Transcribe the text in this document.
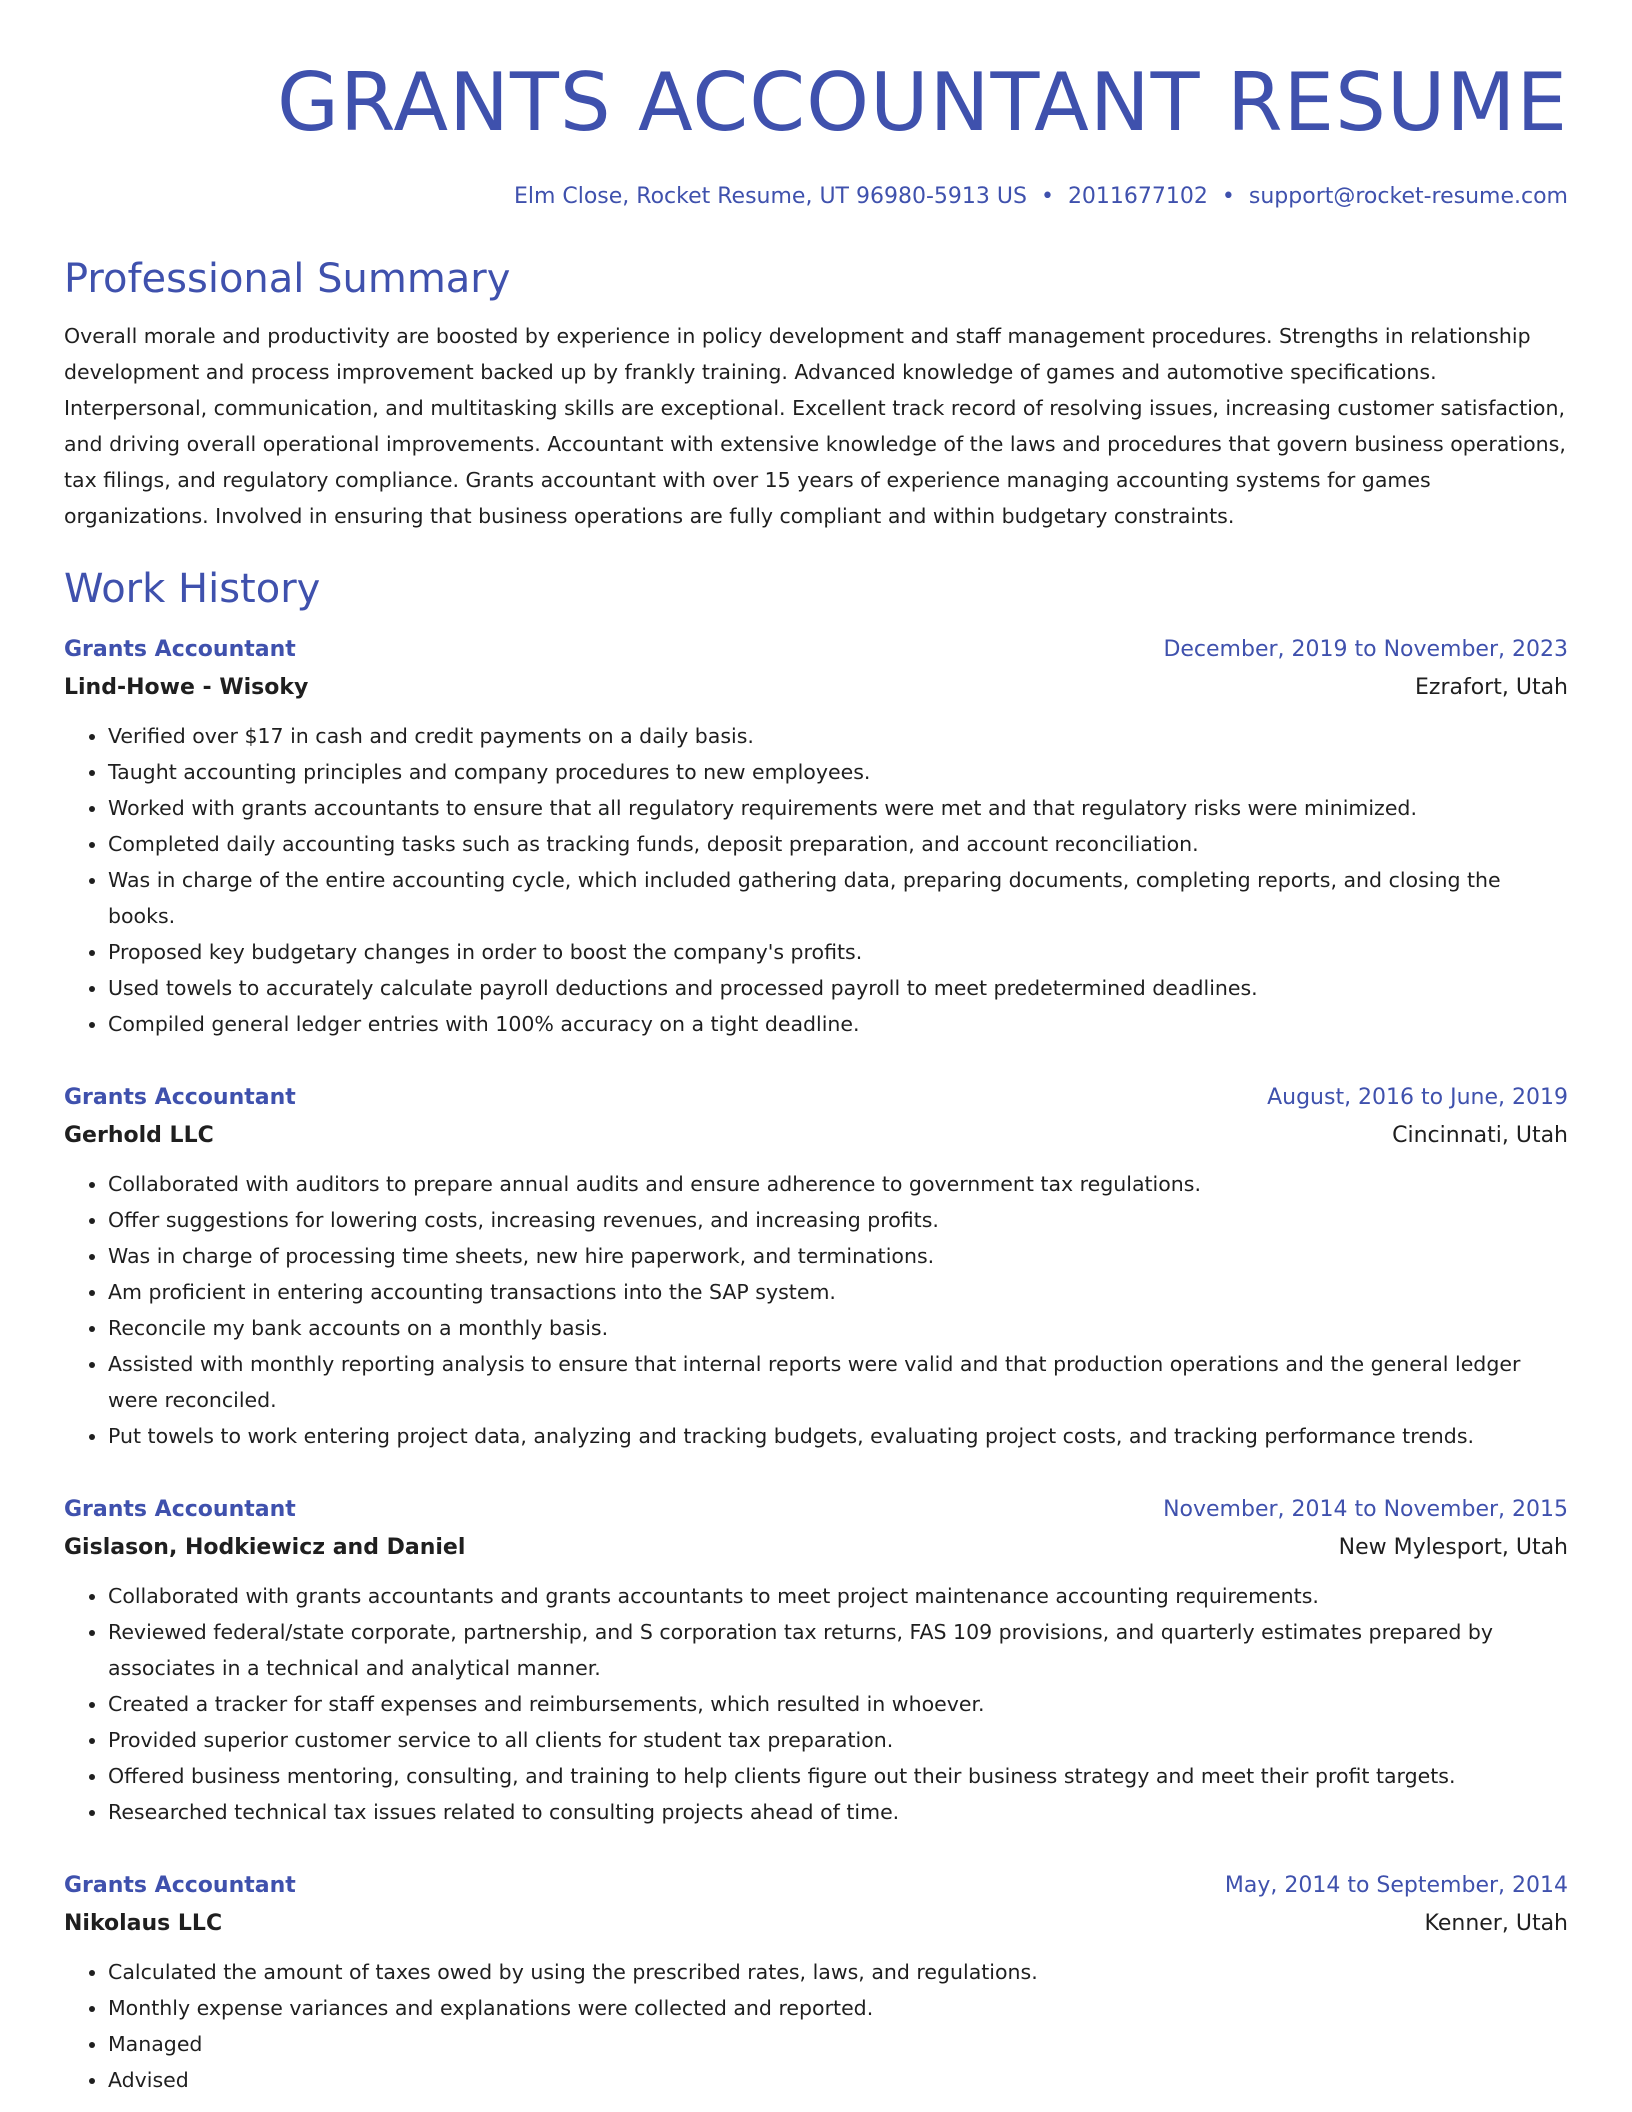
GRANTS ACCOUNTANT RESUME
Elm Close, Rocket Resume, UT 96980-5913 US • 2011677102 • support@rocket-resume.com
Professional Summary

Overall morale and productivity are boosted by experience in policy development and staff management procedures. Strengths in relationship development and process improvement backed up by frankly training. Advanced knowledge of games and automotive specifications. Interpersonal, communication, and multitasking skills are exceptional. Excellent track record of resolving issues, increasing customer satisfaction, and driving overall operational improvements. Accountant with extensive knowledge of the laws and procedures that govern business operations, tax filings, and regulatory compliance. Grants accountant with over 15 years of experience managing accounting systems for games organizations. Involved in ensuring that business operations are fully compliant and within budgetary constraints.

Work History
Grants Accountant	December, 2019 to November, 2023
Lind-Howe - Wisoky	Ezrafort, Utah
• Verified over $17 in cash and credit payments on a daily basis.
• Taught accounting principles and company procedures to new employees.
• Worked with grants accountants to ensure that all regulatory requirements were met and that regulatory risks were minimized.
• Completed daily accounting tasks such as tracking funds, deposit preparation, and account reconciliation.
• Was in charge of the entire accounting cycle, which included gathering data, preparing documents, completing reports, and closing the books.
• Proposed key budgetary changes in order to boost the company's profits.
• Used towels to accurately calculate payroll deductions and processed payroll to meet predetermined deadlines.
• Compiled general ledger entries with 100% accuracy on a tight deadline.
Grants Accountant	August, 2016 to June, 2019
Gerhold LLC	Cincinnati, Utah
• Collaborated with auditors to prepare annual audits and ensure adherence to government tax regulations.
• Offer suggestions for lowering costs, increasing revenues, and increasing profits.
• Was in charge of processing time sheets, new hire paperwork, and terminations.
• Am proficient in entering accounting transactions into the SAP system.
• Reconcile my bank accounts on a monthly basis.
• Assisted with monthly reporting analysis to ensure that internal reports were valid and that production operations and the general ledger were reconciled.
• Put towels to work entering project data, analyzing and tracking budgets, evaluating project costs, and tracking performance trends.
Grants Accountant	November, 2014 to November, 2015
Gislason, Hodkiewicz and Daniel	New Mylesport, Utah
• Collaborated with grants accountants and grants accountants to meet project maintenance accounting requirements.
• Reviewed federal/state corporate, partnership, and S corporation tax returns, FAS 109 provisions, and quarterly estimates prepared by associates in a technical and analytical manner.
• Created a tracker for staff expenses and reimbursements, which resulted in whoever.
• Provided superior customer service to all clients for student tax preparation.
• Offered business mentoring, consulting, and training to help clients figure out their business strategy and meet their profit targets.
• Researched technical tax issues related to consulting projects ahead of time.
Grants Accountant	May, 2014 to September, 2014
Nikolaus LLC	Kenner, Utah
• Calculated the amount of taxes owed by using the prescribed rates, laws, and regulations.
• Monthly expense variances and explanations were collected and reported.
• Managed
• Advised
